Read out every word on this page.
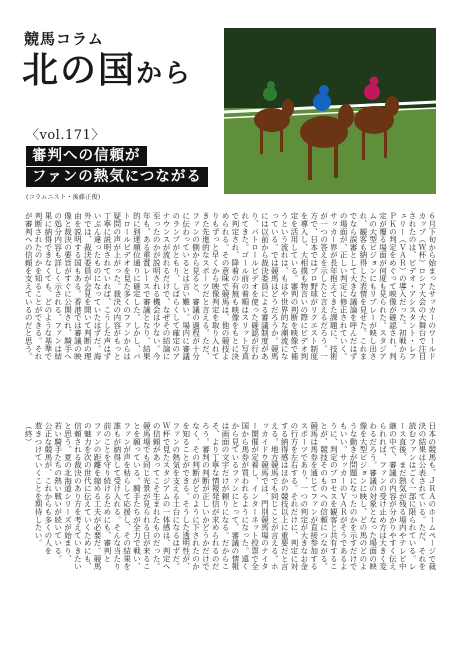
競馬コラム
北の国から
〈vol.171〉
審判への信頼が
ファンの熱気につながる
(コラムニスト・後藤正俊)
６月下旬から始まったサッカーのワールド
カップ（Ｗ杯）ロシア大会の大舞台で注目
されたのは、ビデオ・アシスタント・レフ
ェリー（ＶＡＲ）の導入だった。初戦から
ＰＫの判定をめぐって映像が確認され、判
定が覆る場面が何度も見られた。スタジア
ムの大型ビジョンにもリプレーが映し出さ
れ、観客も納得した表情を見せた。これま
でなら誤審として大きな議論を呼んだはず
の場面が、正しい判定に修正されていく。
サッカー界が長年抱えてきた課題に、技術
が一つの答えを示したと言えるだろう。一
方で、日本ではプロ野球がリクエスト制度
を導入し、大相撲も物言いの際にビデオ判
定を活用している。審判の判断を映像で補
うという流れは、もはや世界的な潮流にな
っている。では競馬はどうだろうか。競馬
には以前から裁決委員による審議制度があ
り、パトロールビデオを使った確認が行わ
れてきた。ゴール前の着順はスリット写真
で判定され、降着の有無も映像をもとに決
められる。その意味で競馬は、他の競技よ
りもずっと早くから映像判定を取り入れて
きた先進的なスポーツだと言える。ただ、
ファンの側から見ると、審議の過程が十分
に伝わっているとは言い難い。場内に審議
のランプがともり、しばらくして確定のア
ナウンスが流れるだけで、なぜその結論に
至ったのかが説明される機会は少ない。今
年も、ある重賞レースで審議となり、結果
的に到達順位通りに確定した。しかし、パ
トロールビデオを見た多くのファンからは
疑問の声が上がった。裁決の内容がもっと
丁寧に説明されていれば、こうした声はず
いぶん違ったものになっていたはずだ。海
外では、裁決委員が会見を開いて判断の理
由を説明する国もある。香港では審議の映
像と裁決の要旨がすぐに公開され、騎手へ
の処分内容も詳しく示される。ファンは結
果に納得できなくても、どのような基準で
判断されたのかを知ることができる。それ
が審判への信頼を支えているのだと思う。
日本の競馬も、ＪＲＡのホームページで裁
決の結果は公表されている。ただ、それを
読むファンはごく一部に限られている。レ
ース直後、まだ熱気が残る場内やテレビ中
継の中で、審議の内容が分かりやすく伝え
られれば、ファンの受け止め方は大きく変
わるだろう。審議の対象となった場面の映
像を大型ビジョンに映し、どの馬のどのよ
うな動きが問題になったのかを示すだけで
もいい。サッカーのＶＡＲがそうであるよ
うに、判定のプロセスを観客と共有するこ
とが、競技そのものへの信頼につながる。
競馬は馬券を通じてファンが直接参加する
スポーツであり、一つの判定が大きなお金
の行方を左右する。それだけに、判定に対
する納得感はほかの競技以上に重要だと言
える。地方競馬でも同じことが言える。ホ
ッカイドウ競馬では、門別競馬場のナイタ
ー開催が定着し、インターネット投票で全
国から馬券が買われるようになった。遠く
から見ているファンにとって、審議の情報
は画面の文字だけが頼りになる。だからこ
そ、より丁寧な情報発信が求められるのだ
ろう。審判の判断が正しいかどうかだけで
なく、その判断がどのように下されたのか
を知ることができる。そうした透明性が、
ファンの熱気を支える土台になるはずだ。
Ｗ杯で見たスタジアムの一体感は、判定へ
の信頼があってこそ生まれたものだった。
競馬場でも同じ光景が見られる日が来るこ
とを願っている。騎手たちが全力で戦い、
ファンが声を枯らして応援し、その結果を
誰もが納得して受け入れる。そんな当たり
前のことを守り続けるためにも、審判と
ファンの距離を縮める工夫が必要だ。競馬
の魅力を次の世代に伝えていくためにも、
信頼される裁決のあり方を考えていきたい
と思う。夏の北海道シリーズが始まり、
若い騎手たちの熱い戦いが続いている。
公正な競馬が、これからも多くの人を
惹きつけていくことを期待したい。
（終）
